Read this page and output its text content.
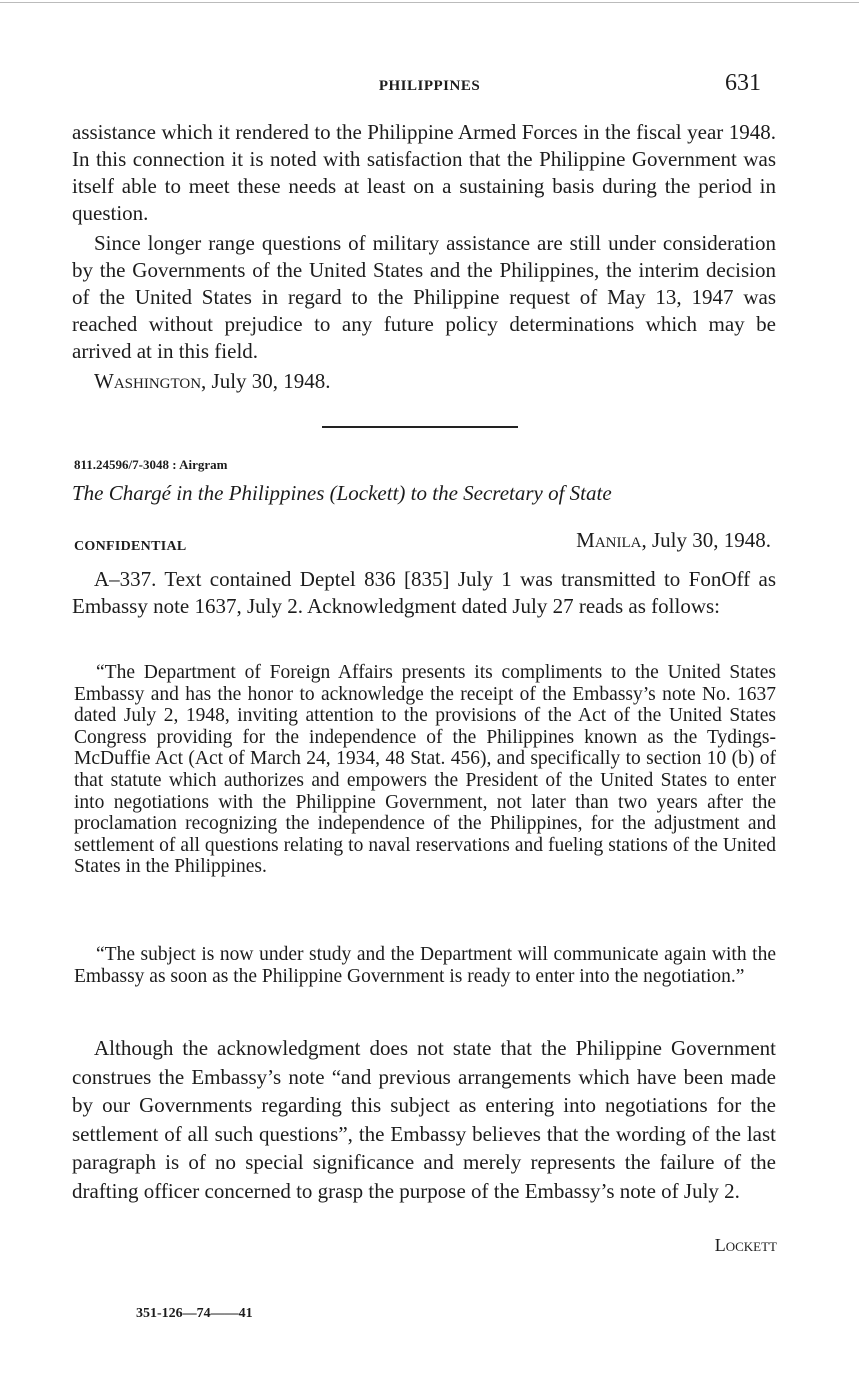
PHILIPPINES	631

assistance which it rendered to the Philippine Armed Forces in the fiscal year 1948. In this connection it is noted with satisfaction that the Philippine Government was itself able to meet these needs at least on a sustaining basis during the period in question.

Since longer range questions of military assistance are still under consideration by the Governments of the United States and the Philippines, the interim decision of the United States in regard to the Philippine request of May 13, 1947 was reached without prejudice to any future policy determinations which may be arrived at in this field.

Washington, July 30, 1948.
811.24596/7-3048 : Airgram
The Chargé in the Philippines (Lockett) to the Secretary of State
CONFIDENTIAL	Manila, July 30, 1948.

A–337. Text contained Deptel 836 [835] July 1 was transmitted to FonOff as Embassy note 1637, July 2. Acknowledgment dated July 27 reads as follows:

“The Department of Foreign Affairs presents its compliments to the United States Embassy and has the honor to acknowledge the receipt of the Embassy’s note No. 1637 dated July 2, 1948, inviting attention to the provisions of the Act of the United States Congress providing for the independence of the Philippines known as the Tydings-McDuffie Act (Act of March 24, 1934, 48 Stat. 456), and specifically to section 10 (b) of that statute which authorizes and empowers the President of the United States to enter into negotiations with the Philippine Government, not later than two years after the proclamation recognizing the independence of the Philippines, for the adjustment and settlement of all questions relating to naval reservations and fueling stations of the United States in the Philippines.

“The subject is now under study and the Department will communicate again with the Embassy as soon as the Philippine Government is ready to enter into the negotiation.”

Although the acknowledgment does not state that the Philippine Government construes the Embassy’s note “and previous arrangements which have been made by our Governments regarding this subject as entering into negotiations for the settlement of all such questions”, the Embassy believes that the wording of the last paragraph is of no special significance and merely represents the failure of the drafting officer concerned to grasp the purpose of the Embassy’s note of July 2.

Lockett
351-126—74——41
